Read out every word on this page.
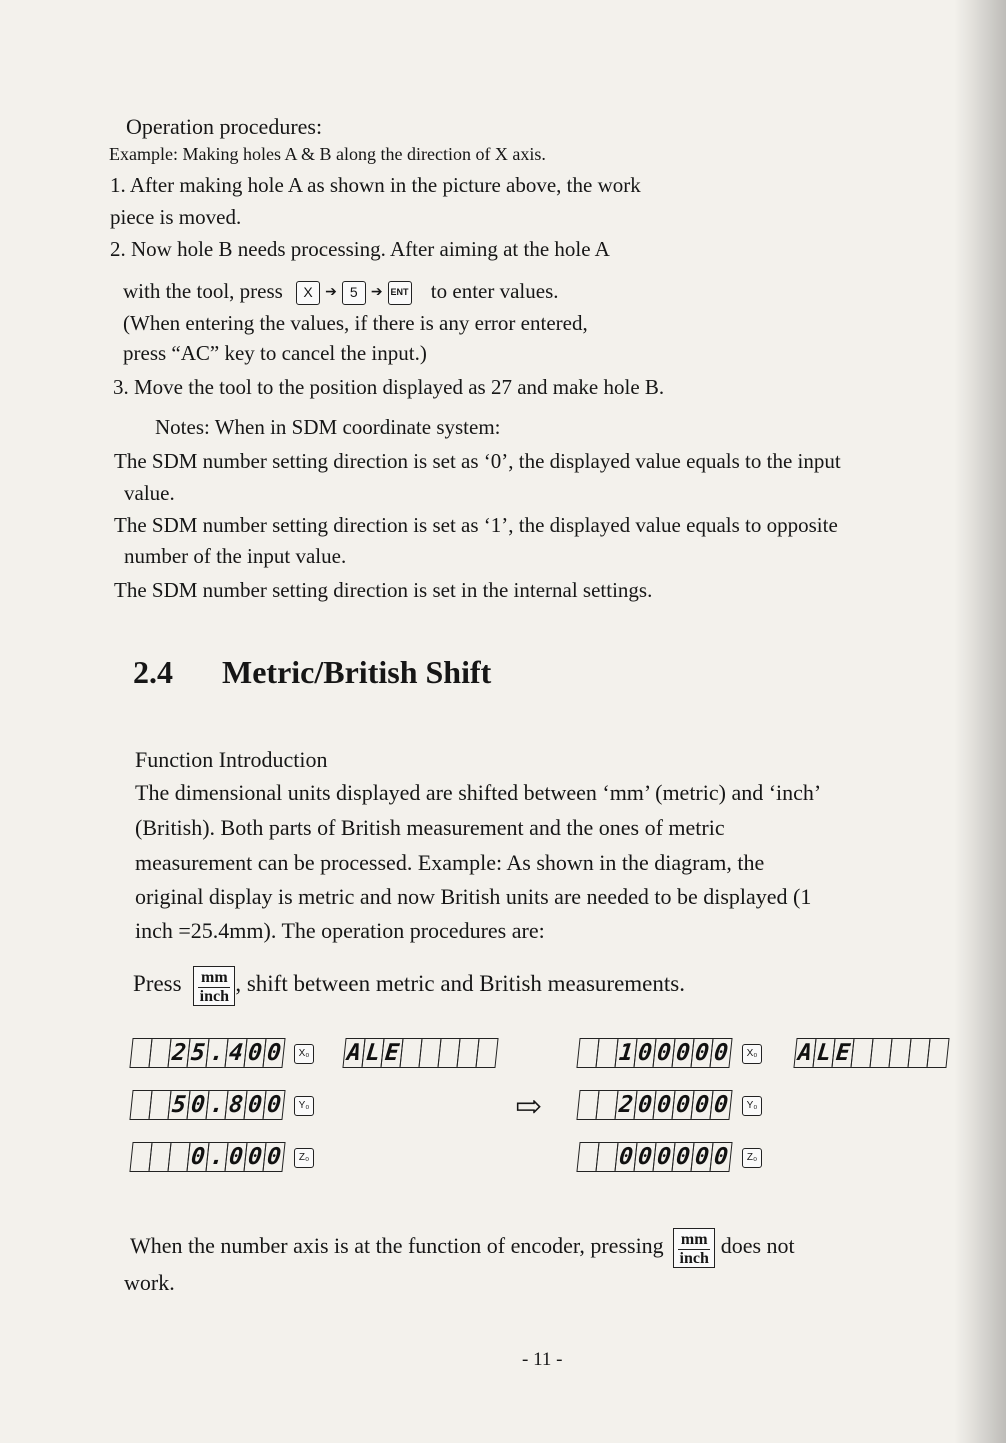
Operation procedures:
Example: Making holes A & B along the direction of X axis.
1. After making hole A as shown in the picture above, the work
piece is moved.
2. Now hole B needs processing. After aiming at the hole A
with the tool, press X ➔ 5 ➔ ENT to enter values.
(When entering the values, if there is any error entered,
press “AC” key to cancel the input.)
3. Move the tool to the position displayed as 27 and make hole B.
Notes: When in SDM coordinate system:
The SDM number setting direction is set as ‘0’, the displayed value equals to the input
value.
The SDM number setting direction is set as ‘1’, the displayed value equals to opposite
number of the input value.
The SDM number setting direction is set in the internal settings.
2.4 Metric/British Shift
Function Introduction
The dimensional units displayed are shifted between ‘mm’ (metric) and ‘inch’
(British). Both parts of British measurement and the ones of metric
measurement can be processed. Example: As shown in the diagram, the
original display is metric and now British units are needed to be displayed (1
inch =25.4mm). The operation procedures are:
Press mm
inch
, shift between metric and British measurements.
2 5 . 4 0 0	X₀ A L E
5 0 . 8 0 0	Y₀
0 . 0 0 0	Z₀
⇨
1 0 0 0 0 0	X₀ A L E
2 0 0 0 0 0	Y₀
0 0 0 0 0 0	Z₀
When the number axis is at the function of encoder, pressing mm
inch
does not
work.
- 11 -
